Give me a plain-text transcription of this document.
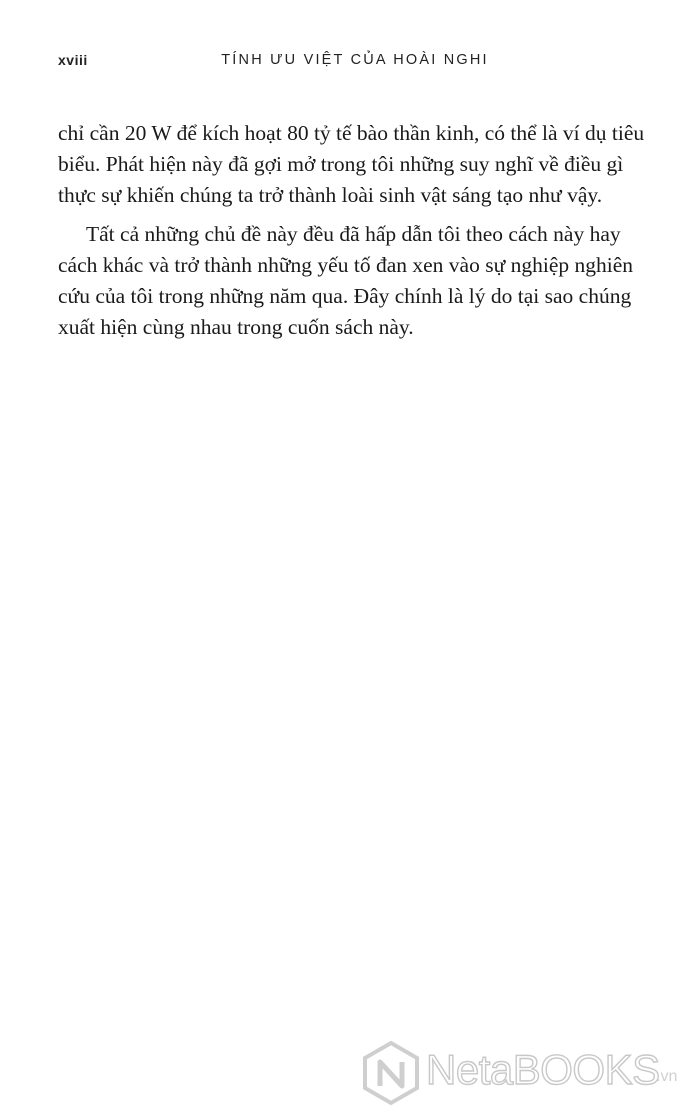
xviii	TÍNH ƯU VIỆT CỦA HOÀI NGHI

chỉ cần 20 W để kích hoạt 80 tỷ tế bào thần kinh, có thể là ví dụ tiêu biểu. Phát hiện này đã gợi mở trong tôi những suy nghĩ về điều gì thực sự khiến chúng ta trở thành loài sinh vật sáng tạo như vậy.

Tất cả những chủ đề này đều đã hấp dẫn tôi theo cách này hay cách khác và trở thành những yếu tố đan xen vào sự nghiệp nghiên cứu của tôi trong những năm qua. Đây chính là lý do tại sao chúng xuất hiện cùng nhau trong cuốn sách này.

NetaBOOKS
.vn
